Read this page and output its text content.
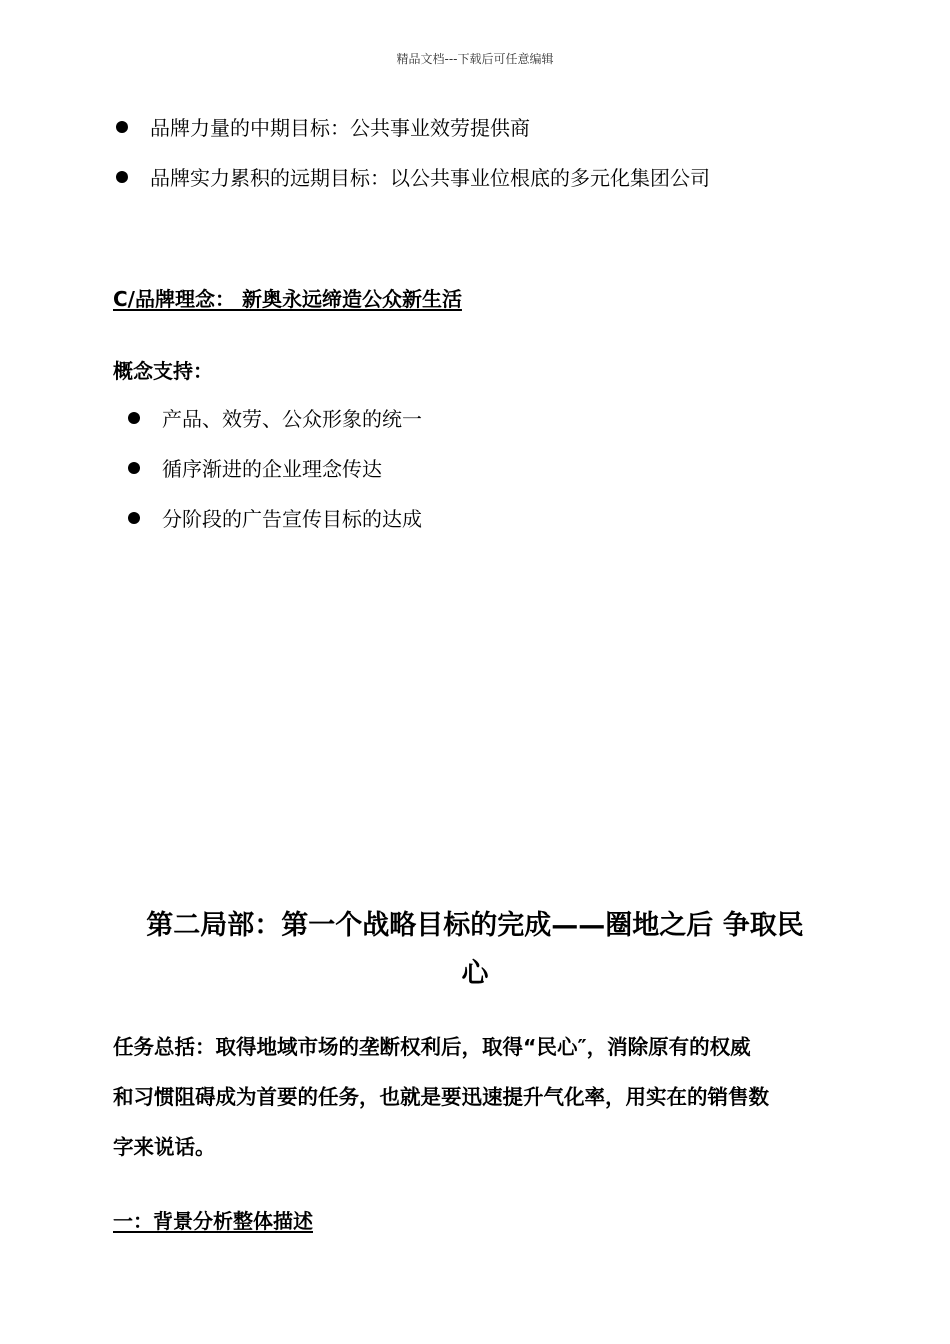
精品文档---下载后可任意编辑
品牌力量的中期目标：公共事业效劳提供商
品牌实力累积的远期目标：以公共事业位根底的多元化集团公司
C/品牌理念： 新奥永远缔造公众新生活
概念支持：
产品、效劳、公众形象的统一
循序渐进的企业理念传达
分阶段的广告宣传目标的达成
第二局部：第一个战略目标的完成——圈地之后 争取民
心
任务总括：取得地域市场的垄断权利后，取得“民心″，消除原有的权威
和习惯阻碍成为首要的任务，也就是要迅速提升气化率，用实在的销售数
字来说话。
一：背景分析整体描述
